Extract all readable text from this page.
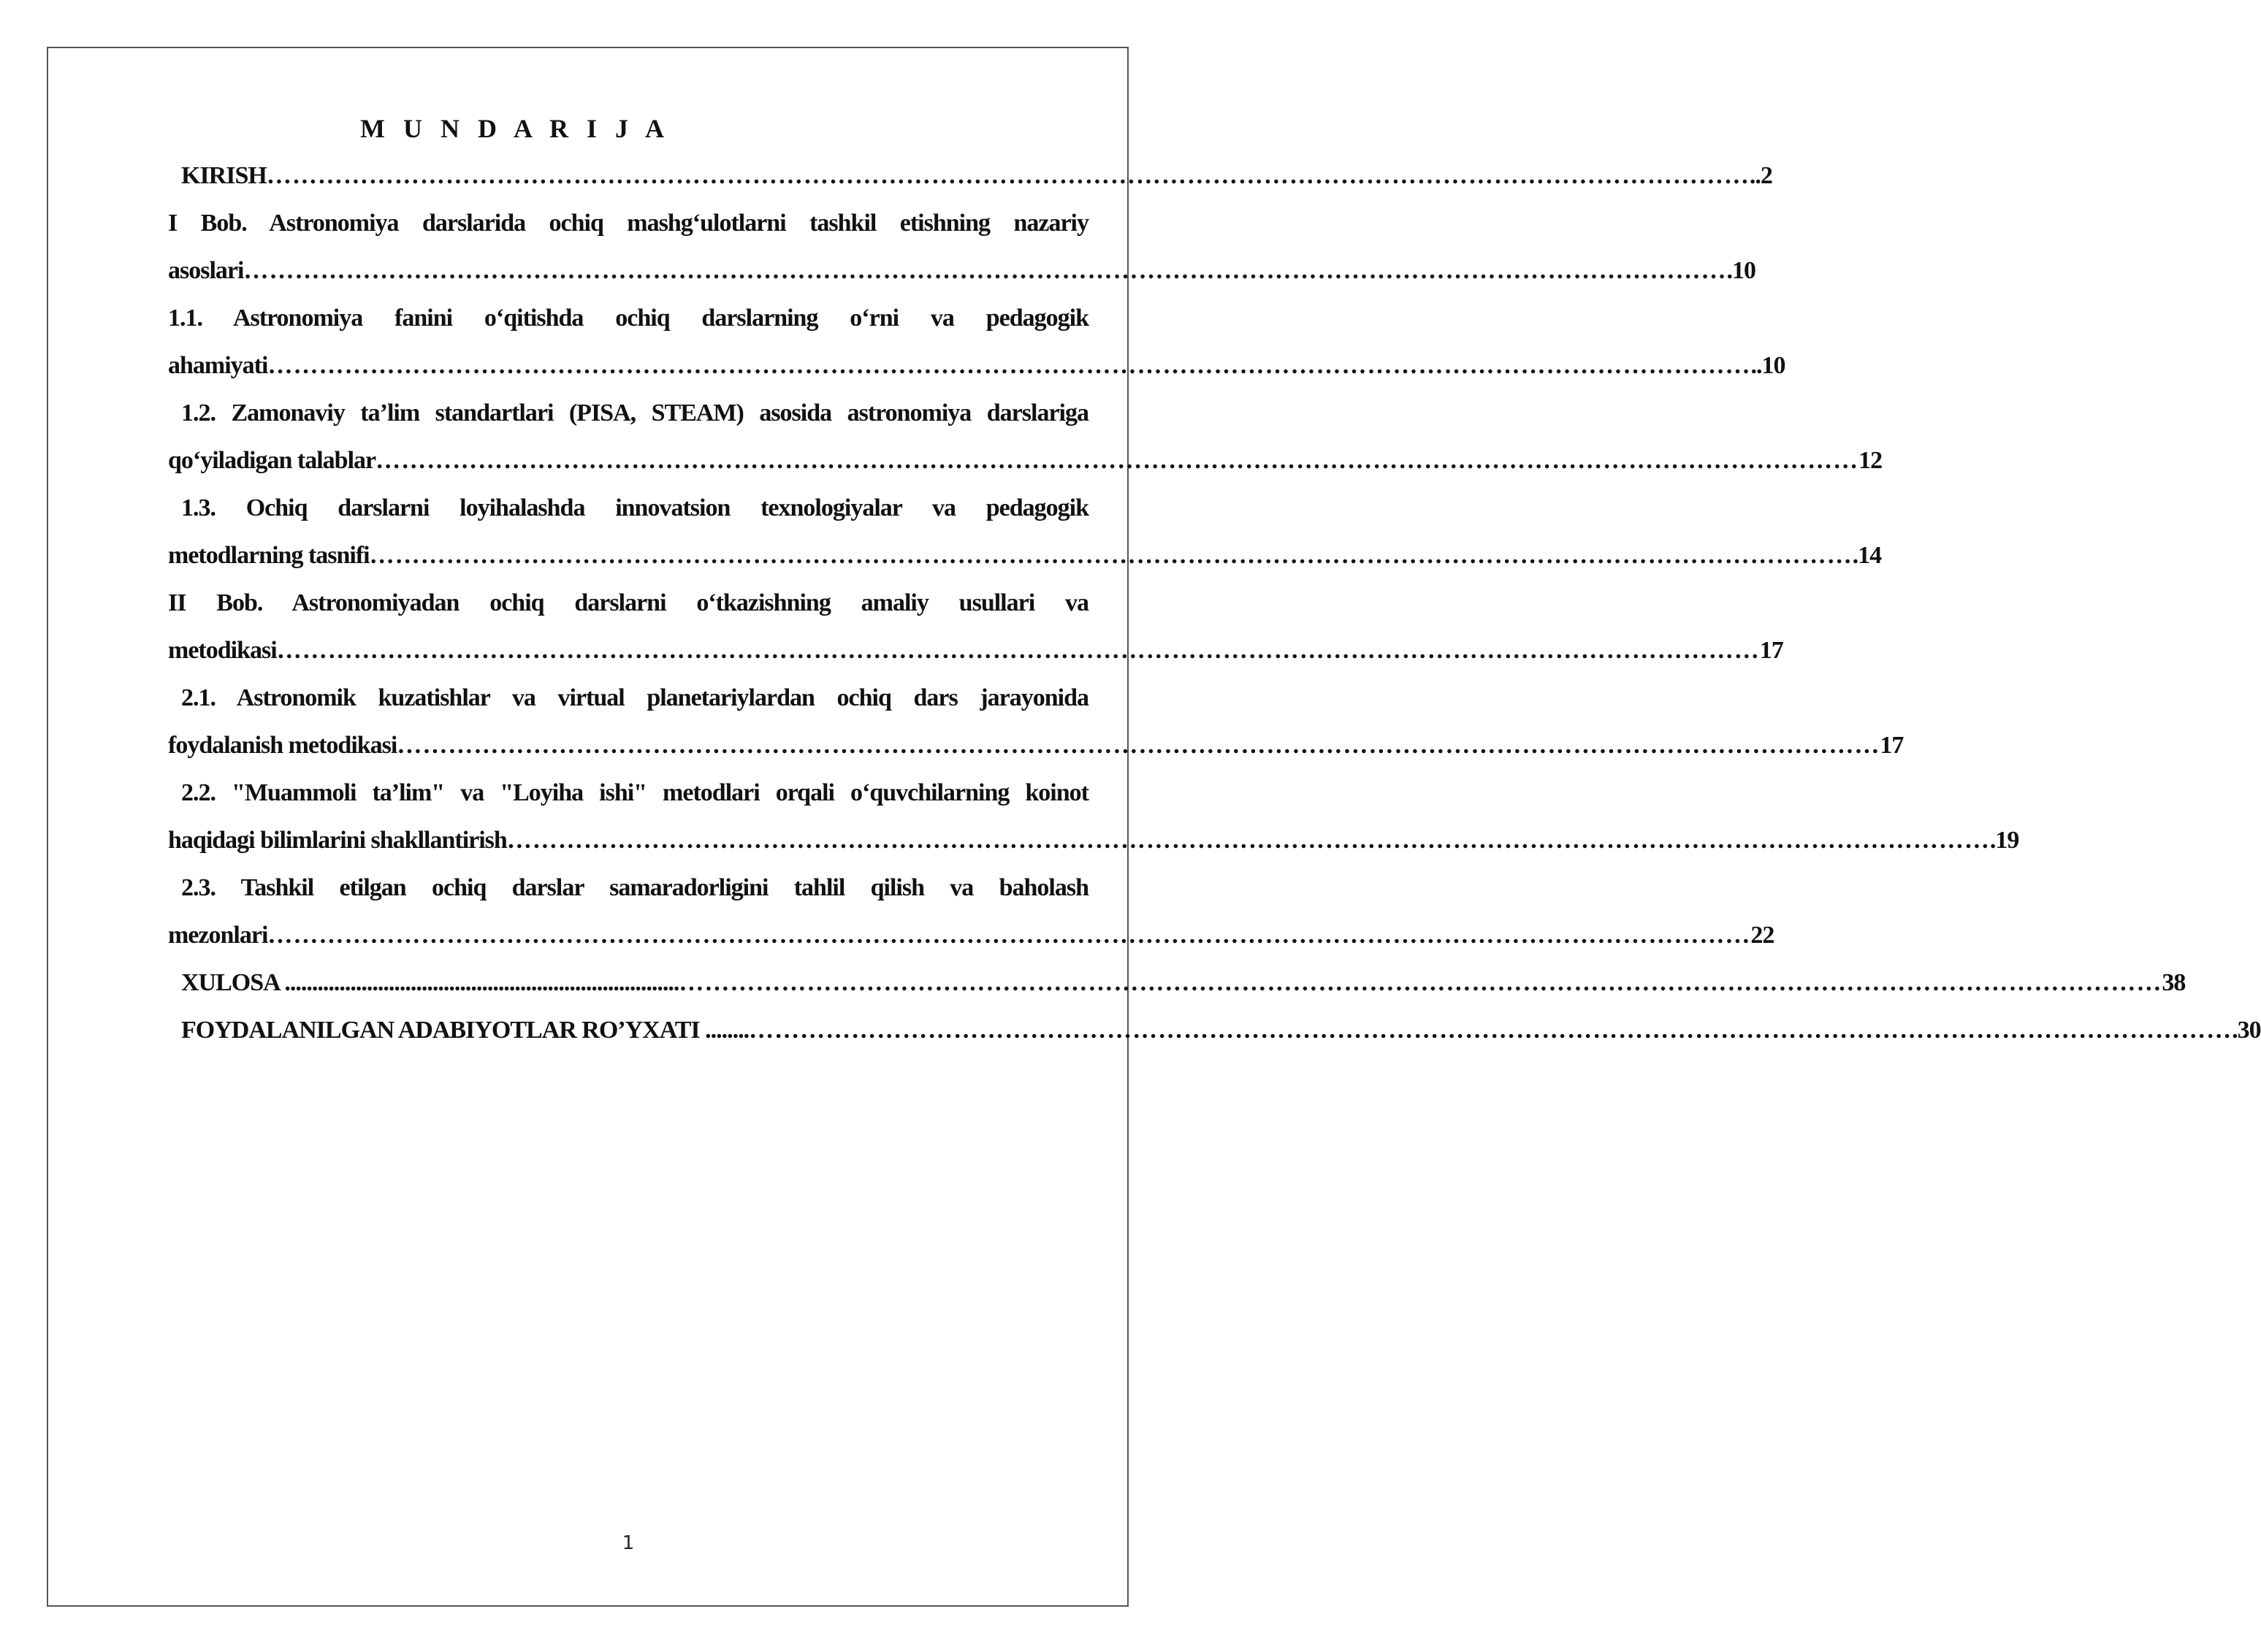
M U N D A R I J A
KIRISH ………………………………………………………………………………………………………………………………………………………… ..2
I Bob. Astronomiya darslarida ochiq mashg‘ulotlarni tashkil etishning nazariy
asoslari ………………………………………………………………………………………………………………………………………………………… .10
1.1. Astronomiya fanini o‘qitishda ochiq darslarning o‘rni va pedagogik
ahamiyati ………………………………………………………………………………………………………………………………………………………… ..10
1.2. Zamonaviy ta’lim standartlari (PISA, STEAM) asosida astronomiya darslariga
qo‘yiladigan talablar ………………………………………………………………………………………………………………………………………………………… 12
1.3. Ochiq darslarni loyihalashda innovatsion texnologiyalar va pedagogik
metodlarning tasnifi ………………………………………………………………………………………………………………………………………………………… .14
II Bob. Astronomiyadan ochiq darslarni o‘tkazishning amaliy usullari va
metodikasi ………………………………………………………………………………………………………………………………………………………… 17
2.1. Astronomik kuzatishlar va virtual planetariylardan ochiq dars jarayonida
foydalanish metodikasi ………………………………………………………………………………………………………………………………………………………… 17
2.2. "Muammoli ta’lim" va "Loyiha ishi" metodlari orqali o‘quvchilarning koinot
haqidagi bilimlarini shakllantirish ………………………………………………………………………………………………………………………………………………………… .19
2.3. Tashkil etilgan ochiq darslar samaradorligini tahlil qilish va baholash
mezonlari ………………………………………………………………………………………………………………………………………………………… 22
XULOSA ........................................................................ ………………………………………………………………………………………………………………………………………………………… 38
FOYDALANILGAN ADABIYOTLAR RO’YXATI ........ ………………………………………………………………………………………………………………………………………………………… .30
1
